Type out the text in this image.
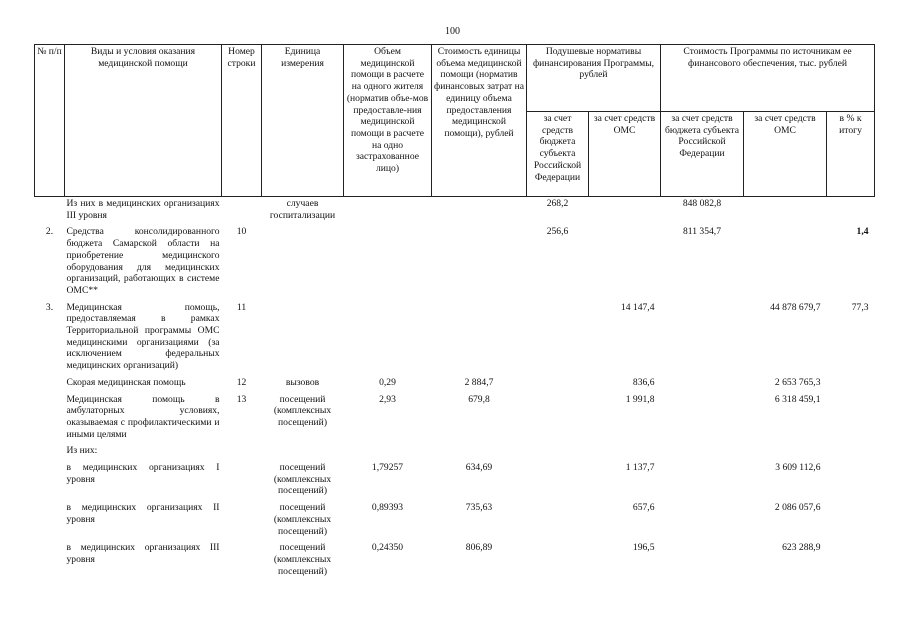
100
№ п/п	Виды и условия оказания медицинской помощи	Номер строки	Единица измерения	Объем медицинской помощи в расчете на одного жителя (норматив объе-мов предоставле-ния медицинской помощи в расчете на одно застрахованное лицо)	Стоимость единицы объема медицинской помощи (норматив финансовых затрат на единицу объема предоставления медицинской помощи), рублей	Подушевые нормативы финансирования Программы, рублей		Стоимость Программы по источникам ее финансового обеспечения, тыс. рублей		
						за счет средств бюджета субъекта Российской Федерации	за счет средств ОМС	за счет средств бюджета субъекта Российской Федерации	за счет средств ОМС	в % к итогу
	Из них в медицинских организациях III уровня		случаев госпитализации			268,2		848 082,8		
2.	Средства консолидированного бюджета Самарской области на приобретение медицинского оборудования для медицинских организаций, работающих в системе ОМС**	10				256,6		811 354,7		1,4
3.	Медицинская помощь, предоставляемая в рамках Территориальной программы ОМС медицинскими организациями (за исключением федеральных медицинских организаций)	11					14 147,4		44 878 679,7	77,3
	Скорая медицинская помощь	12	вызовов	0,29	2 884,7		836,6		2 653 765,3	
	Медицинская помощь в амбулаторных условиях, оказываемая с профилактическими и иными целями	13	посещений (комплексных посещений)	2,93	679,8		1 991,8		6 318 459,1	
	Из них:									
	в медицинских организациях I уровня		посещений (комплексных посещений)	1,79257	634,69		1 137,7		3 609 112,6	
	в медицинских организациях II уровня		посещений (комплексных посещений)	0,89393	735,63		657,6		2 086 057,6	
	в медицинских организациях III уровня		посещений (комплексных посещений)	0,24350	806,89		196,5		623 288,9	
